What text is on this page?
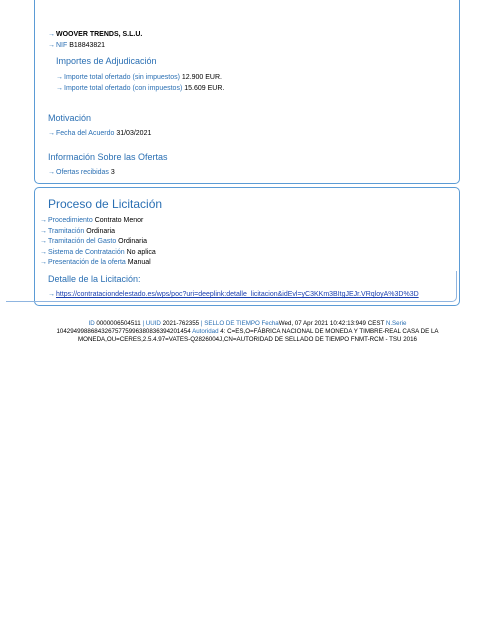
→WOOVER TRENDS, S.L.U.
→NIF B18843821
Importes de Adjudicación
→Importe total ofertado (sin impuestos) 12.900 EUR.
→Importe total ofertado (con impuestos) 15.609 EUR.
Motivación
→Fecha del Acuerdo 31/03/2021
Información Sobre las Ofertas
→Ofertas recibidas 3
Proceso de Licitación
→Procedimiento Contrato Menor
→Tramitación Ordinaria
→Tramitación del Gasto Ordinaria
→Sistema de Contratación No aplica
→Presentación de la oferta Manual
Detalle de la Licitación:
→https://contrataciondelestado.es/wps/poc?uri=deeplink:detalle_licitacion&idEvl=yC3KKm3BItgJEJr.VRqloyA%3D%3D
ID 0000006504511 | UUID 2021-762355 | SELLO DE TIEMPO FechaWed, 07 Apr 2021 10:42:13:949 CEST N.Serie 104294998868432675775996380836394201454 Autoridad 4: C=ES,O=FÁBRICA NACIONAL DE MONEDA Y TIMBRE-REAL CASA DE LA MONEDA,OU=CERES,2.5.4.97=VATES-Q2826004J,CN=AUTORIDAD DE SELLADO DE TIEMPO FNMT-RCM - TSU 2016
